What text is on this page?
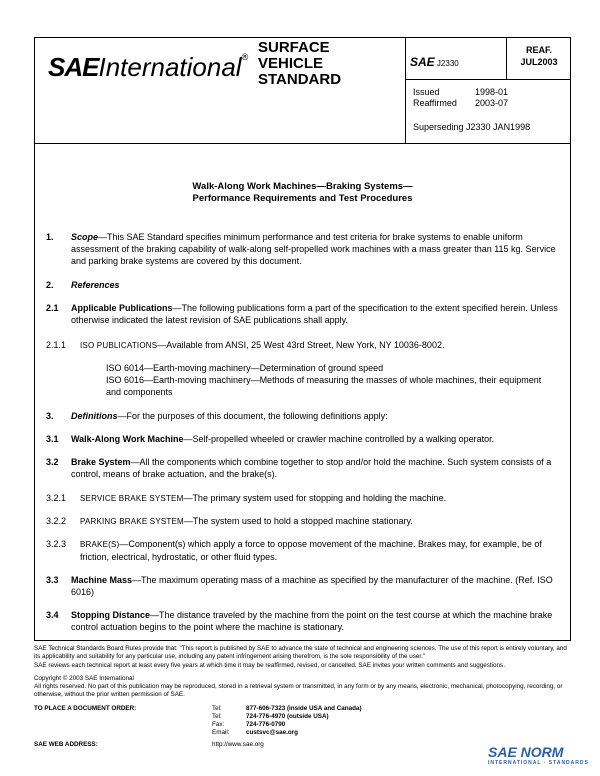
SAEInternational®
SURFACE
VEHICLE
STANDARD
SAE J2330
REAF.
JUL2003
Issued	1998-01
Reaffirmed 2003-07
Superseding J2330 JAN1998
Walk-Along Work Machines—Braking Systems—
Performance Requirements and Test Procedures
1.	Scope—This SAE Standard specifies minimum performance and test criteria for brake systems to enable uniform assessment of the braking capability of walk-along self-propelled work machines with a mass greater than 115 kg. Service and parking brake systems are covered by this document.
2.	References
2.1	Applicable Publications—The following publications form a part of the specification to the extent specified herein. Unless otherwise indicated the latest revision of SAE publications shall apply.
2.1.1	ISO PUBLICATIONS—Available from ANSI, 25 West 43rd Street, New York, NY 10036-8002.
ISO 6014—Earth-moving machinery—Determination of ground speed
ISO 6016—Earth-moving machinery—Methods of measuring the masses of whole machines, their equipment and components
3.	Definitions—For the purposes of this document, the following definitions apply:
3.1	Walk-Along Work Machine—Self-propelled wheeled or crawler machine controlled by a walking operator.
3.2	Brake System—All the components which combine together to stop and/or hold the machine. Such system consists of a control, means of brake actuation, and the brake(s).
3.2.1	SERVICE BRAKE SYSTEM—The primary system used for stopping and holding the machine.
3.2.2	PARKING BRAKE SYSTEM—The system used to hold a stopped machine stationary.
3.2.3	BRAKE(S)—Component(s) which apply a force to oppose movement of the machine. Brakes may, for example, be of friction, electrical, hydrostatic, or other fluid types.
3.3	Machine Mass—The maximum operating mass of a machine as specified by the manufacturer of the machine. (Ref. ISO 6016)
3.4	Stopping Distance—The distance traveled by the machine from the point on the test course at which the machine brake control actuation begins to the point where the machine is stationary.
SAE Technical Standards Board Rules provide that: "This report is published by SAE to advance the state of technical and engineering sciences. The use of this report is entirely voluntary, and its applicability and suitability for any particular use, including any patent infringement arising therefrom, is the sole responsibility of the user."
SAE reviews each technical report at least every five years at which time it may be reaffirmed, revised, or cancelled. SAE invites your written comments and suggestions.
Copyright © 2003 SAE International
All rights reserved. No part of this publication may be reproduced, stored in a retrieval system or transmitted, in any form or by any means, electronic, mechanical, photocopying, recording, or otherwise, without the prior written permission of SAE.
TO PLACE A DOCUMENT ORDER:	Tel:	877-606-7323 (inside USA and Canada)
Tel:	724-776-4970 (outside USA)
Fax:	724-776-0790
Email:	custsvc@sae.org
SAE WEB ADDRESS:	http://www.sae.org	SAE NORM
INTERNATIONAL · STANDARDS
